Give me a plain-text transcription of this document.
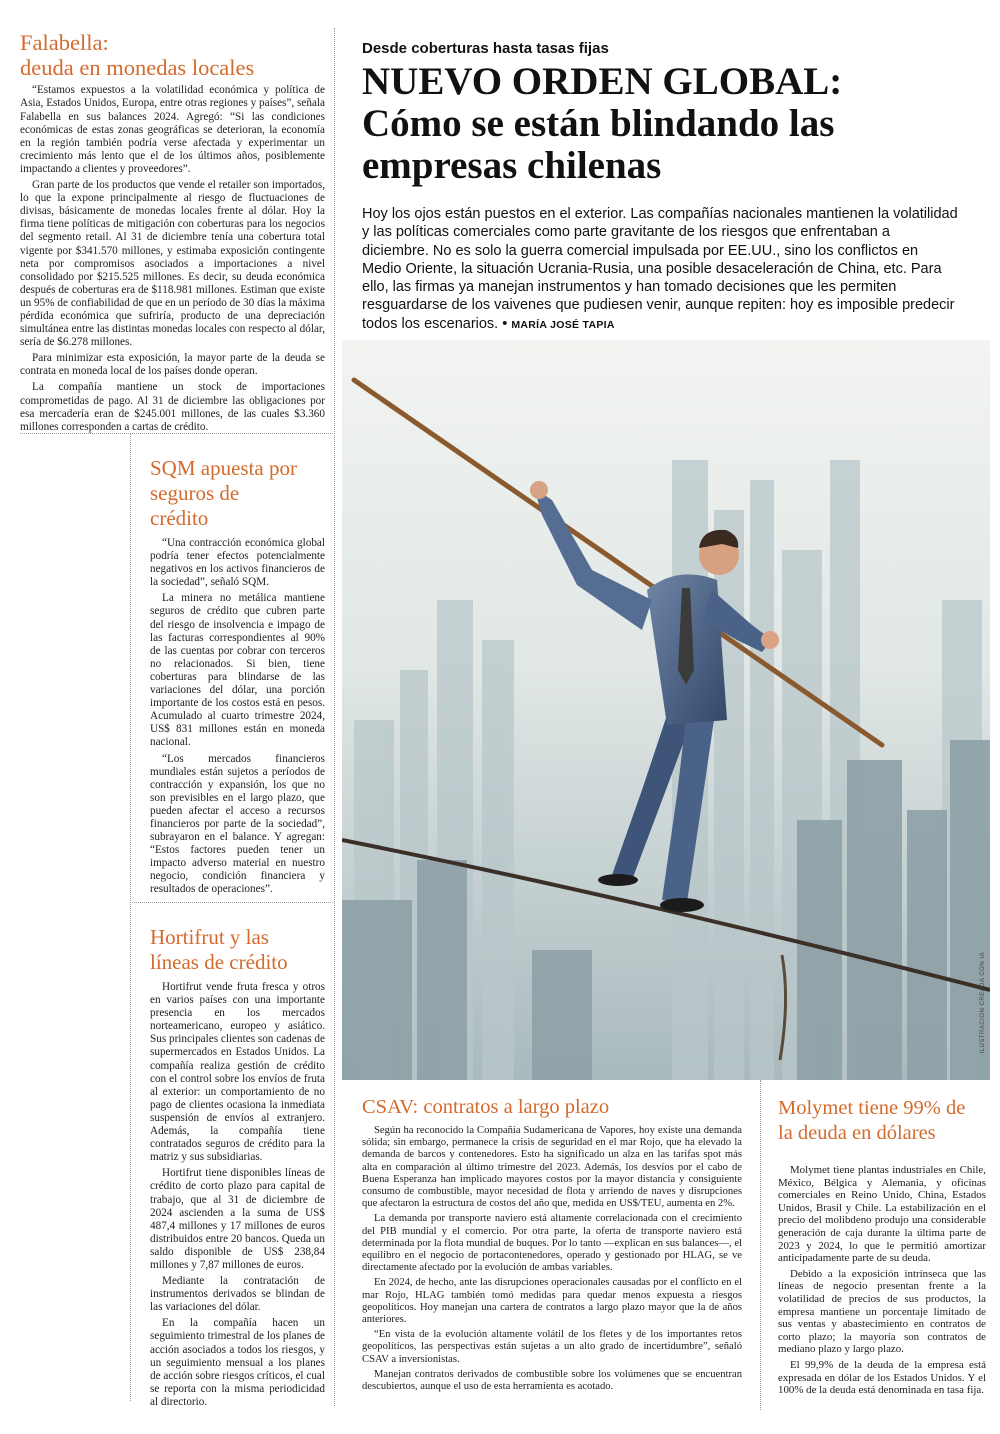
Falabella:
deuda en monedas locales

“Estamos expuestos a la volatilidad económica y política de Asia, Estados Unidos, Europa, entre otras regiones y países”, señala Falabella en sus balances 2024. Agregó: “Si las condiciones económicas de estas zonas geográficas se deterioran, la economía en la región también podría verse afectada y experimentar un crecimiento más lento que el de los últimos años, posiblemente impactando a clientes y proveedores”.

Gran parte de los productos que vende el retailer son importados, lo que la expone principalmente al riesgo de fluctuaciones de divisas, básicamente de monedas locales frente al dólar. Hoy la firma tiene políticas de mitigación con coberturas para los negocios del segmento retail. Al 31 de diciembre tenía una cobertura total vigente por $341.570 millones, y estimaba exposición contingente neta por compromisos asociados a importaciones a nivel consolidado por $215.525 millones. Es decir, su deuda económica después de coberturas era de $118.981 millones. Estiman que existe un 95% de confiabilidad de que en un período de 30 días la máxima pérdida económica que sufriría, producto de una depreciación simultánea entre las distintas monedas locales con respecto al dólar, sería de $6.278 millones.

Para minimizar esta exposición, la mayor parte de la deuda se contrata en moneda local de los países donde operan.

La compañía mantiene un stock de importaciones comprometidas de pago. Al 31 de diciembre las obligaciones por esa mercadería eran de $245.001 millones, de las cuales $3.360 millones corresponden a cartas de crédito.

SQM apuesta por
seguros de
crédito

“Una contracción económica global podría tener efectos potencialmente negativos en los activos financieros de la sociedad”, señaló SQM.

La minera no metálica mantiene seguros de crédito que cubren parte del riesgo de insolvencia e impago de las facturas correspondientes al 90% de las cuentas por cobrar con terceros no relacionados. Si bien, tiene coberturas para blindarse de las variaciones del dólar, una porción importante de los costos está en pesos. Acumulado al cuarto trimestre 2024, US$ 831 millones están en moneda nacional.

“Los mercados financieros mundiales están sujetos a períodos de contracción y expansión, los que no son previsibles en el largo plazo, que pueden afectar el acceso a recursos financieros por parte de la sociedad”, subrayaron en el balance. Y agregan: “Estos factores pueden tener un impacto adverso material en nuestro negocio, condición financiera y resultados de operaciones”.

Hortifrut y las
líneas de crédito

Hortifrut vende fruta fresca y otros en varios países con una importante presencia en los mercados norteamericano, europeo y asiático. Sus principales clientes son cadenas de supermercados en Estados Unidos. La compañía realiza gestión de crédito con el control sobre los envíos de fruta al exterior: un comportamiento de no pago de clientes ocasiona la inmediata suspensión de envíos al extranjero. Además, la compañía tiene contratados seguros de crédito para la matriz y sus subsidiarias.

Hortifrut tiene disponibles líneas de crédito de corto plazo para capital de trabajo, que al 31 de diciembre de 2024 ascienden a la suma de US$ 487,4 millones y 17 millones de euros distribuidos entre 20 bancos. Queda un saldo disponible de US$ 238,84 millones y 7,87 millones de euros.

Mediante la contratación de instrumentos derivados se blindan de las variaciones del dólar.

En la compañía hacen un seguimiento trimestral de los planes de acción asociados a todos los riesgos, y un seguimiento mensual a los planes de acción sobre riesgos críticos, el cual se reporta con la misma periodicidad al directorio.

Desde coberturas hasta tasas fijas
NUEVO ORDEN GLOBAL:
Cómo se están blindando las
empresas chilenas

Hoy los ojos están puestos en el exterior. Las compañías nacionales mantienen la volatilidad y las políticas comerciales como parte gravitante de los riesgos que enfrentaban a diciembre. No es solo la guerra comercial impulsada por EE.UU., sino los conflictos en Medio Oriente, la situación Ucrania-Rusia, una posible desaceleración de China, etc. Para ello, las firmas ya manejan instrumentos y han tomado decisiones que les permiten resguardarse de los vaivenes que pudiesen venir, aunque repiten: hoy es imposible predecir todos los escenarios. • MARÍA JOSÉ TAPIA

ILUSTRACIÓN CREADA CON IA
CSAV: contratos a largo plazo

Según ha reconocido la Compañía Sudamericana de Vapores, hoy existe una demanda sólida; sin embargo, permanece la crisis de seguridad en el mar Rojo, que ha elevado la demanda de barcos y contenedores. Esto ha significado un alza en las tarifas spot más alta en comparación al último trimestre del 2023. Además, los desvíos por el cabo de Buena Esperanza han implicado mayores costos por la mayor distancia y consiguiente consumo de combustible, mayor necesidad de flota y arriendo de naves y disrupciones que afectaron la estructura de costos del año que, medida en US$/TEU, aumenta en 2%.

La demanda por transporte naviero está altamente correlacionada con el crecimiento del PIB mundial y el comercio. Por otra parte, la oferta de transporte naviero está determinada por la flota mundial de buques. Por lo tanto —explican en sus balances—, el equilibro en el negocio de portacontenedores, operado y gestionado por HLAG, se ve directamente afectado por la evolución de ambas variables.

En 2024, de hecho, ante las disrupciones operacionales causadas por el conflicto en el mar Rojo, HLAG también tomó medidas para quedar menos expuesta a riesgos geopolíticos. Hoy manejan una cartera de contratos a largo plazo mayor que la de años anteriores.

“En vista de la evolución altamente volátil de los fletes y de los importantes retos geopolíticos, las perspectivas están sujetas a un alto grado de incertidumbre”, señaló CSAV a inversionistas.

Manejan contratos derivados de combustible sobre los volúmenes que se encuentran descubiertos, aunque el uso de esta herramienta es acotado.

Molymet tiene 99% de
la deuda en dólares

Molymet tiene plantas industriales en Chile, México, Bélgica y Alemania, y oficinas comerciales en Reino Unido, China, Estados Unidos, Brasil y Chile. La estabilización en el precio del molibdeno produjo una considerable generación de caja durante la última parte de 2023 y 2024, lo que le permitió amortizar anticipadamente parte de su deuda.

Debido a la exposición intrínseca que las líneas de negocio presentan frente a la volatilidad de precios de sus productos, la empresa mantiene un porcentaje limitado de sus ventas y abastecimiento en contratos de corto plazo; la mayoría son contratos de mediano plazo y largo plazo.

El 99,9% de la deuda de la empresa está expresada en dólar de los Estados Unidos. Y el 100% de la deuda está denominada en tasa fija.
